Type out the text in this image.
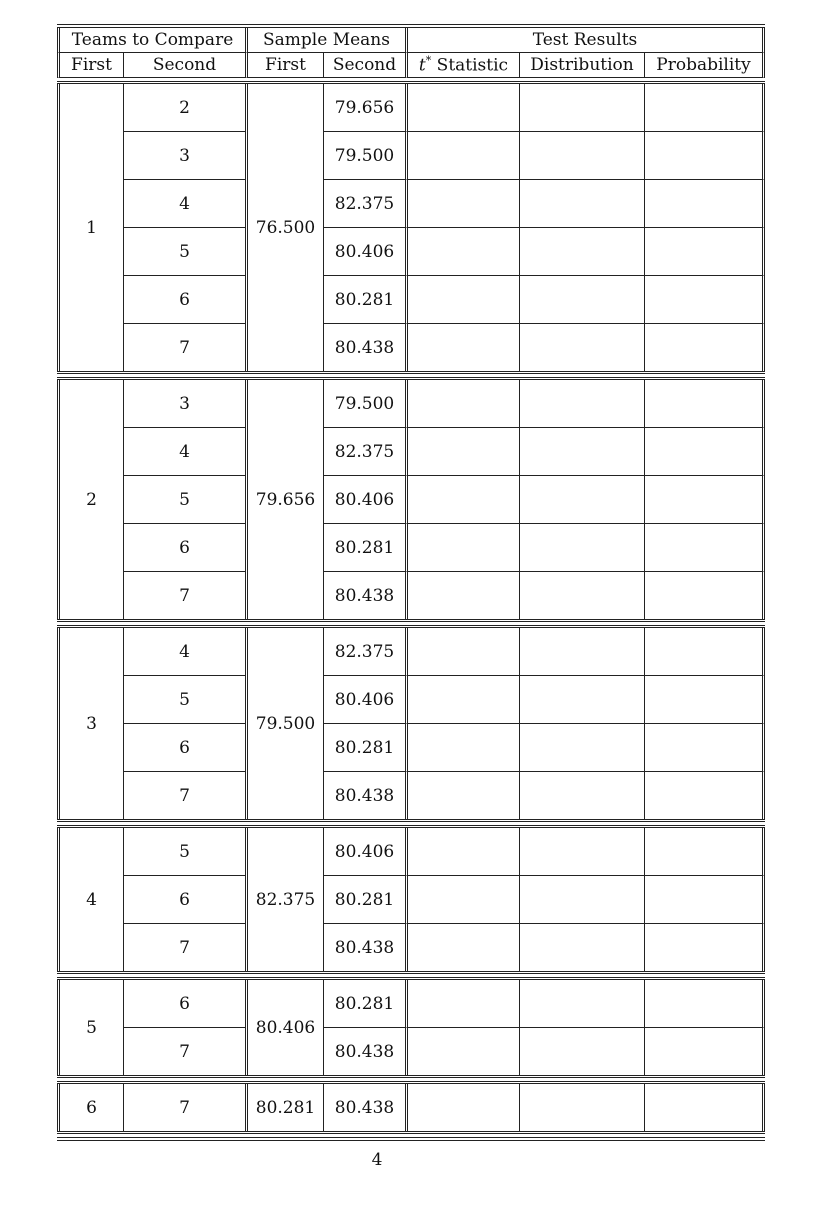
Teams to Compare		Sample Means		Test Results		
First	Second	First	Second	t* Statistic	Distribution	Probability
1	2	76.500	79.656			
	3		79.500			
	4		82.375			
	5		80.406			
	6		80.281			
	7		80.438			
2	3	79.656	79.500			
	4		82.375			
	5		80.406			
	6		80.281			
	7		80.438			
3	4	79.500	82.375			
	5		80.406			
	6		80.281			
	7		80.438			
4	5	82.375	80.406			
	6		80.281			
	7		80.438			
5	6	80.406	80.281			
	7		80.438			
6	7	80.281	80.438			
4
